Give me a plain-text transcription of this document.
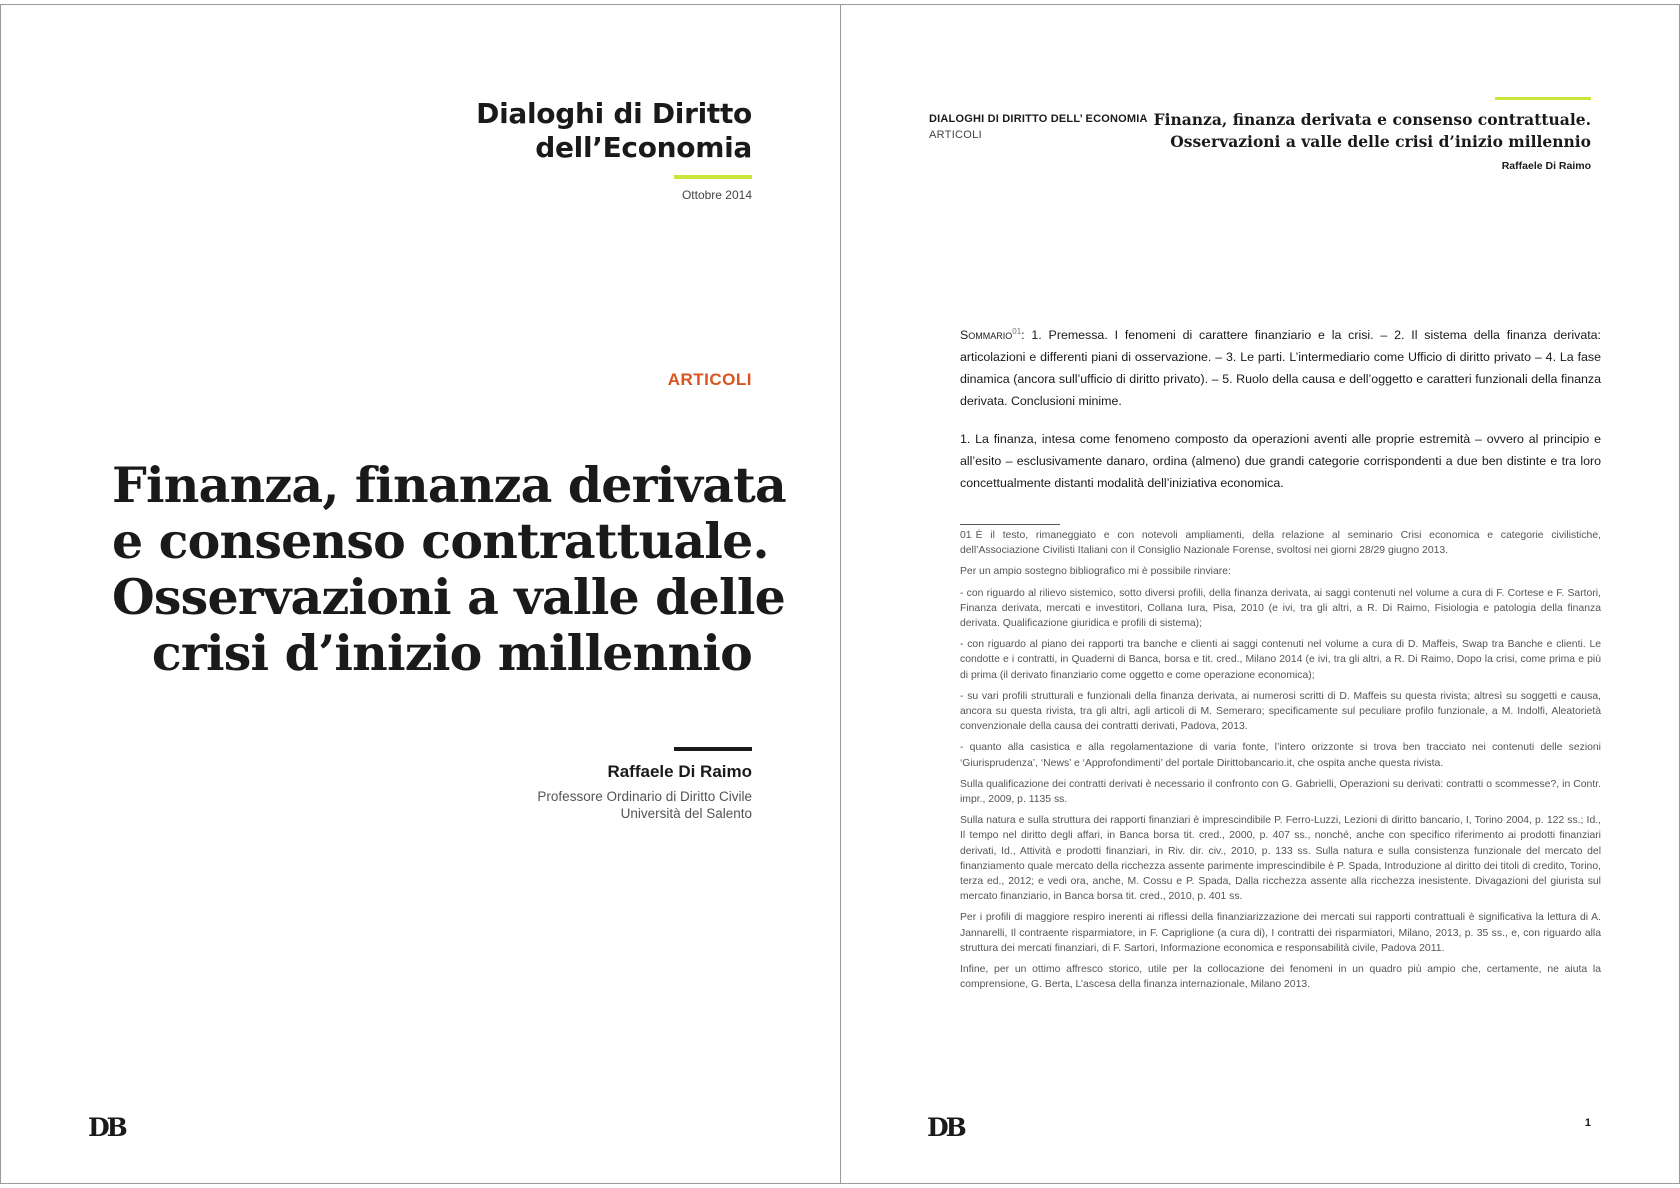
Dialoghi di Diritto
dell’Economia
Ottobre 2014
ARTICOLI
Finanza, finanza derivata
e consenso contrattuale.
Osservazioni a valle delle
crisi d’inizio millennio
Raffaele Di Raimo
Professore Ordinario di Diritto Civile
Università del Salento
DB
DIALOGHI DI DIRITTO DELL’ ECONOMIA
ARTICOLI
Finanza, finanza derivata e consenso contrattuale.
Osservazioni a valle delle crisi d’inizio millennio
Raffaele Di Raimo
Sommario$^{01}$: 1. Premessa. I fenomeni di carattere finanziario e la crisi. – 2. Il sistema della finanza derivata: articolazioni e differenti piani di osservazione. – 3. Le parti. L’intermediario come Ufficio di diritto privato – 4. La fase dinamica (ancora sull’ufficio di diritto privato). – 5. Ruolo della causa e dell’oggetto e caratteri funzionali della finanza derivata. Conclusioni minime.
1. La finanza, intesa come fenomeno composto da operazioni aventi alle proprie estremità – ovvero al principio e all’esito – esclusivamente danaro, ordina (almeno) due grandi categorie corrispondenti a due ben distinte e tra loro concettualmente distanti modalità dell’iniziativa economica.

01 È il testo, rimaneggiato e con notevoli ampliamenti, della relazione al seminario Crisi economica e categorie civilistiche, dell’Associazione Civilisti Italiani con il Consiglio Nazionale Forense, svoltosi nei giorni 28/29 giugno 2013.

Per un ampio sostegno bibliografico mi è possibile rinviare:

- con riguardo al rilievo sistemico, sotto diversi profili, della finanza derivata, ai saggi contenuti nel volume a cura di F. Cortese e F. Sartori, Finanza derivata, mercati e investitori, Collana Iura, Pisa, 2010 (e ivi, tra gli altri, a R. Di Raimo, Fisiologia e patologia della finanza derivata. Qualificazione giuridica e profili di sistema);

- con riguardo al piano dei rapporti tra banche e clienti ai saggi contenuti nel volume a cura di D. Maffeis, Swap tra Banche e clienti. Le condotte e i contratti, in Quaderni di Banca, borsa e tit. cred., Milano 2014 (e ivi, tra gli altri, a R. Di Raimo, Dopo la crisi, come prima e più di prima (il derivato finanziario come oggetto e come operazione economica);

- su vari profili strutturali e funzionali della finanza derivata, ai numerosi scritti di D. Maffeis su questa rivista; altresì su soggetti e causa, ancora su questa rivista, tra gli altri, agli articoli di M. Semeraro; specificamente sul peculiare profilo funzionale, a M. Indolfi, Aleatorietà convenzionale della causa dei contratti derivati, Padova, 2013.

- quanto alla casistica e alla regolamentazione di varia fonte, l’intero orizzonte si trova ben tracciato nei contenuti delle sezioni ‘Giurisprudenza’, ‘News’ e ‘Approfondimenti’ del portale Dirittobancario.it, che ospita anche questa rivista.

Sulla qualificazione dei contratti derivati è necessario il confronto con G. Gabrielli, Operazioni su derivati: contratti o scommesse?, in Contr. impr., 2009, p. 1135 ss.

Sulla natura e sulla struttura dei rapporti finanziari è imprescindibile P. Ferro-Luzzi, Lezioni di diritto bancario, I, Torino 2004, p. 122 ss.; Id., Il tempo nel diritto degli affari, in Banca borsa tit. cred., 2000, p. 407 ss., nonché, anche con specifico riferimento ai prodotti finanziari derivati, Id., Attività e prodotti finanziari, in Riv. dir. civ., 2010, p. 133 ss. Sulla natura e sulla consistenza funzionale del mercato del finanziamento quale mercato della ricchezza assente parimente imprescindibile è P. Spada, Introduzione al diritto dei titoli di credito, Torino, terza ed., 2012; e vedi ora, anche, M. Cossu e P. Spada, Dalla ricchezza assente alla ricchezza inesistente. Divagazioni del giurista sul mercato finanziario, in Banca borsa tit. cred., 2010, p. 401 ss.

Per i profili di maggiore respiro inerenti ai riflessi della finanziarizzazione dei mercati sui rapporti contrattuali è significativa la lettura di A. Jannarelli, Il contraente risparmiatore, in F. Capriglione (a cura di), I contratti dei risparmiatori, Milano, 2013, p. 35 ss., e, con riguardo alla struttura dei mercati finanziari, di F. Sartori, Informazione economica e responsabilità civile, Padova 2011.

Infine, per un ottimo affresco storico, utile per la collocazione dei fenomeni in un quadro più ampio che, certamente, ne aiuta la comprensione, G. Berta, L’ascesa della finanza internazionale, Milano 2013.

DB	1
